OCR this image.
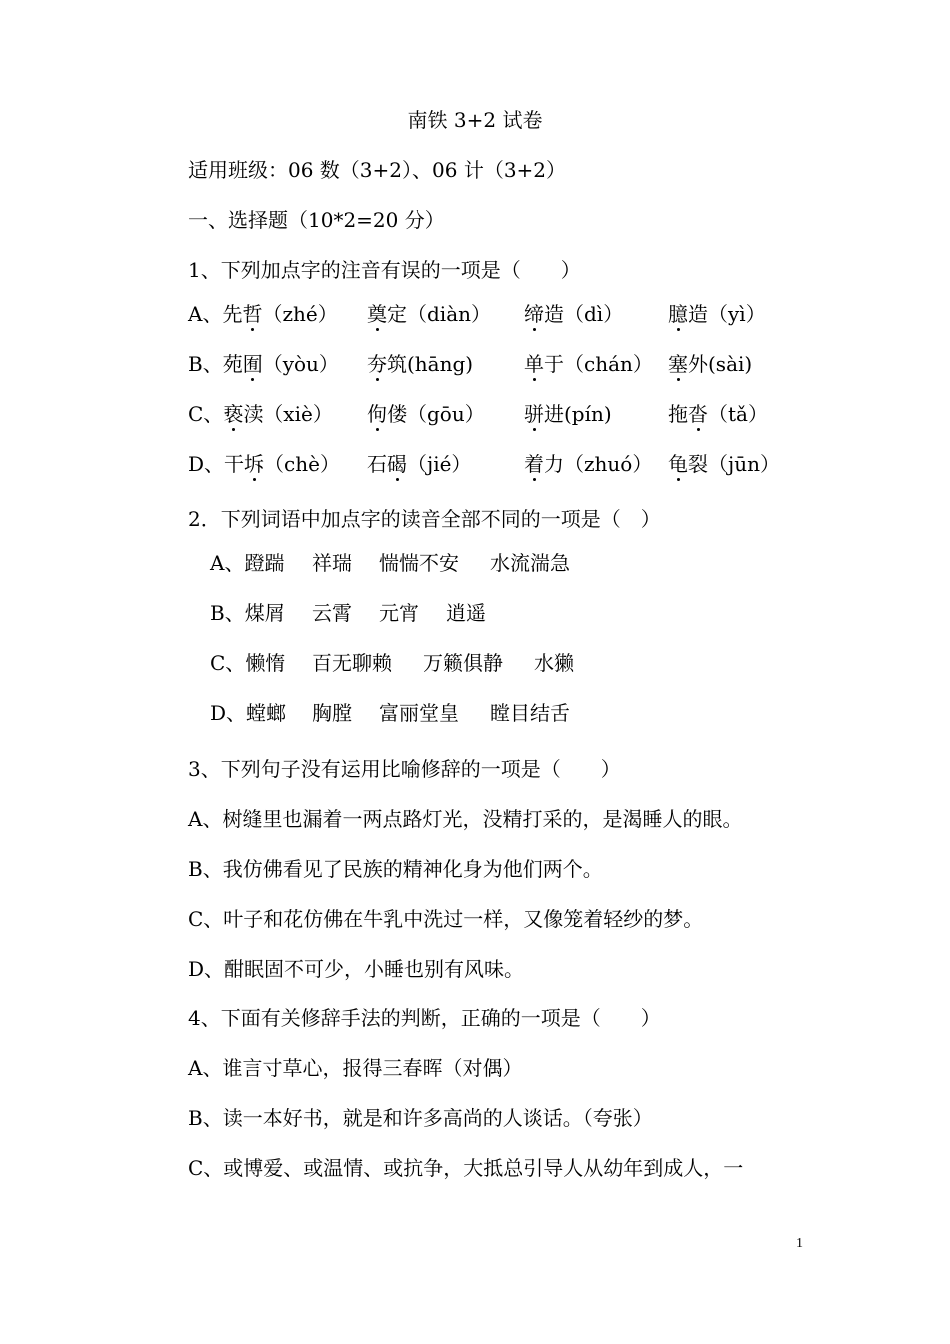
南铁 3+2 试卷
适用班级：06 数（3+2）、06 计（3+2）
一、选择题（10*2=20 分）
1、下列加点字的注音有误的一项是（　　）
A、先哲（zhé） 奠定（diàn） 缔造（dì） 臆造（yì）
B、苑囿（yòu） 夯筑(hāng)	单于（chán） 塞外(sài)
C、亵渎（xiè） 佝偻（gōu） 骈进(pín)	拖沓（tǎ）
D、干坼（chè） 石碣（jié）	着力（zhuó） 龟裂（jūn）
2．下列词语中加点字的读音全部不同的一项是（　）
A、蹬踹 祥瑞 惴惴不安 水流湍急
B、煤屑 云霄 元宵 逍遥
C、懒惰 百无聊赖 万籁俱静 水獭
D、螳螂 胸膛 富丽堂皇 瞠目结舌
3、下列句子没有运用比喻修辞的一项是（　　）
A、树缝里也漏着一两点路灯光，没精打采的，是渴睡人的眼。
B、我仿佛看见了民族的精神化身为他们两个。
C、叶子和花仿佛在牛乳中洗过一样，又像笼着轻纱的梦。
D、酣眠固不可少，小睡也别有风味。
4、下面有关修辞手法的判断，正确的一项是（　　）
A、谁言寸草心，报得三春晖（对偶）
B、读一本好书，就是和许多高尚的人谈话。（夸张）
C、或博爱、或温情、或抗争，大抵总引导人从幼年到成人，一
1
